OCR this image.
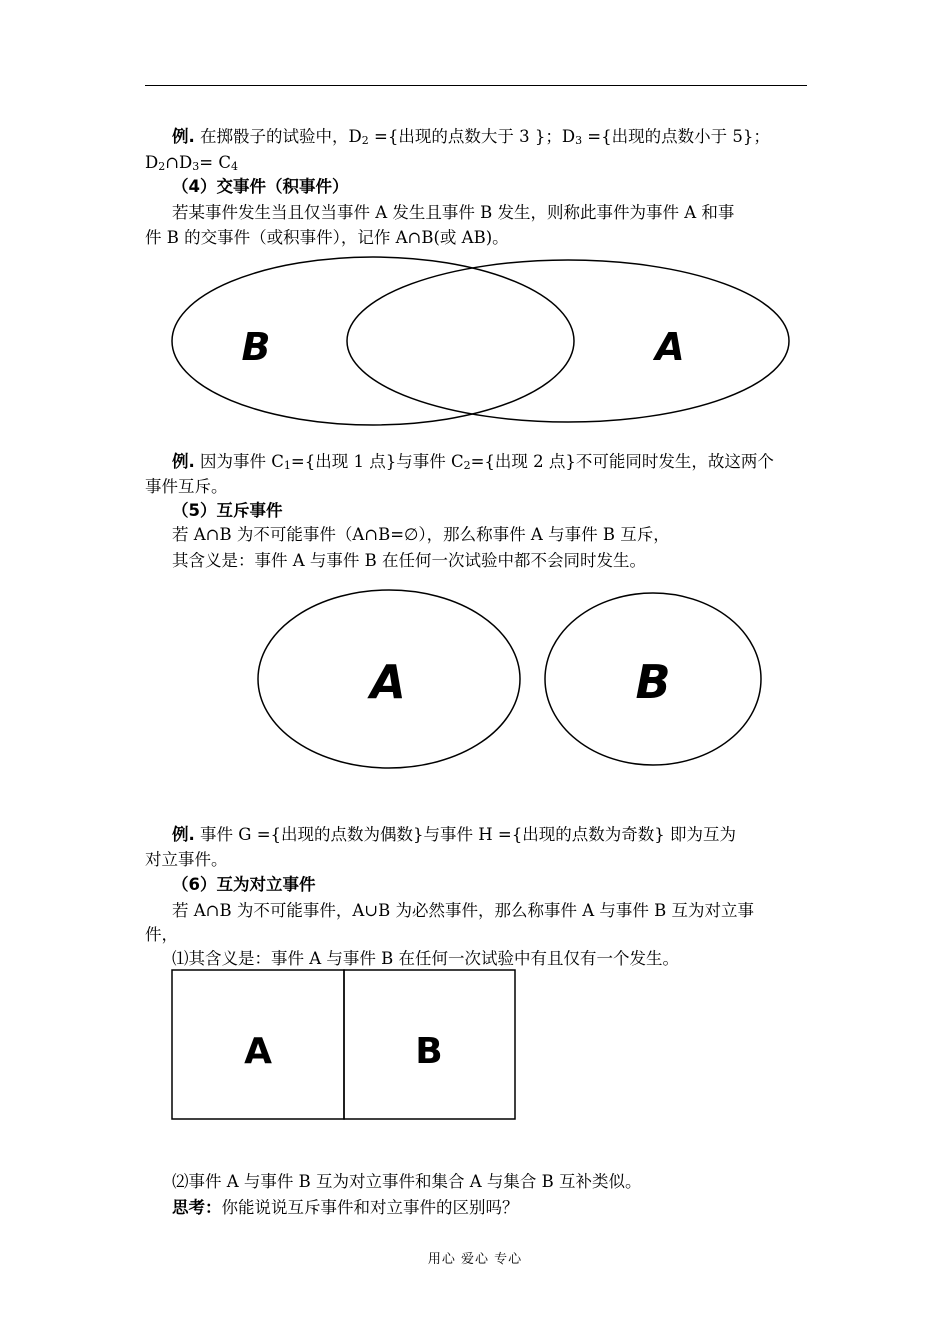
例. 在掷骰子的试验中，$D_2$ ={出现的点数大于 3 }；$D_3$ ={出现的点数小于 5}；
$D_2\cap D_3= C_4$
（4）交事件（积事件）
若某事件发生当且仅当事件 A 发生且事件 B 发生，则称此事件为事件 A 和事
件 B 的交事件（或积事件），记作 A∩B(或 AB)。
B	A
A	B
A	B
例. 因为事件 $C_1=${出现 1 点}与事件 $C_2=${出现 2 点}不可能同时发生，故这两个
事件互斥。
（5）互斥事件
若 A∩B 为不可能事件（A∩B=∅），那么称事件 A 与事件 B 互斥，
其含义是：事件 A 与事件 B 在任何一次试验中都不会同时发生。
例. 事件 G ={出现的点数为偶数}与事件 H ={出现的点数为奇数} 即为互为
对立事件。
（6）互为对立事件
若 A∩B 为不可能事件，A∪B 为必然事件，那么称事件 A 与事件 B 互为对立事
件，
⑴其含义是：事件 A 与事件 B 在任何一次试验中有且仅有一个发生。
⑵事件 A 与事件 B 互为对立事件和集合 A 与集合 B 互补类似。
思考：你能说说互斥事件和对立事件的区别吗？
用心 爱心 专心
